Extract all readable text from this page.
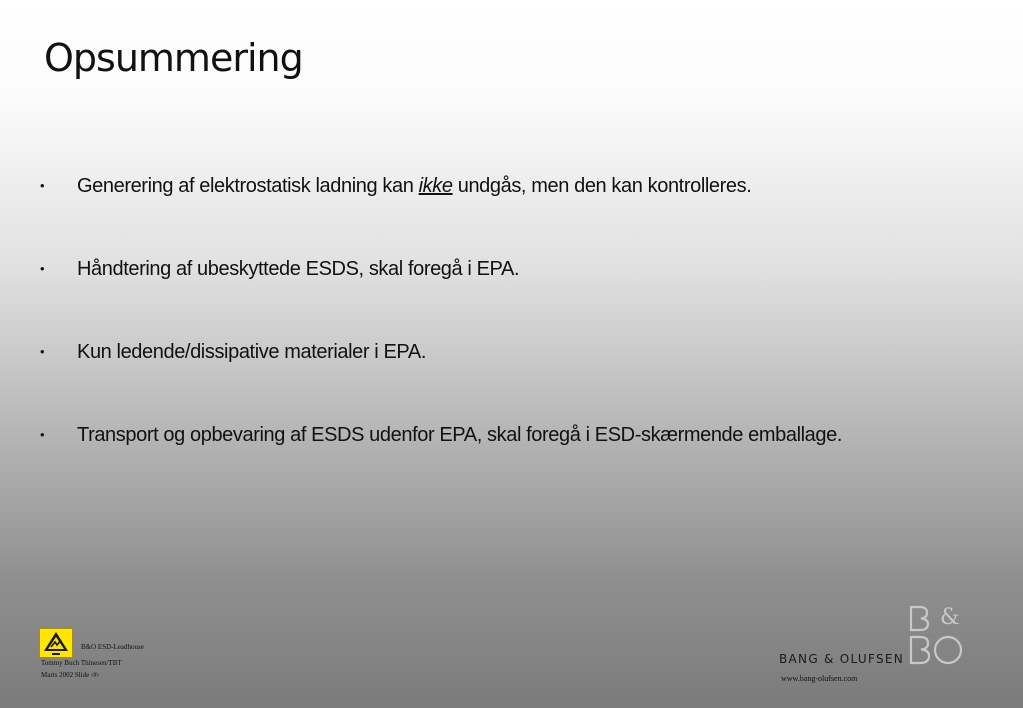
Opsummering
• Generering af elektrostatisk ladning kan ikke undgås, men den kan kontrolleres.
• Håndtering af ubeskyttede ESDS, skal foregå i EPA.
• Kun ledende/dissipative materialer i EPA.
• Transport og opbevaring af ESDS udenfor EPA, skal foregå i ESD-skærmende emballage.
B&O ESD-Leadhouse
Tommy Buch Thinesen/TBT
Marts 2002 Slide ‹#›
BANG & OLUFSEN
&
www.bang-olufsen.com
